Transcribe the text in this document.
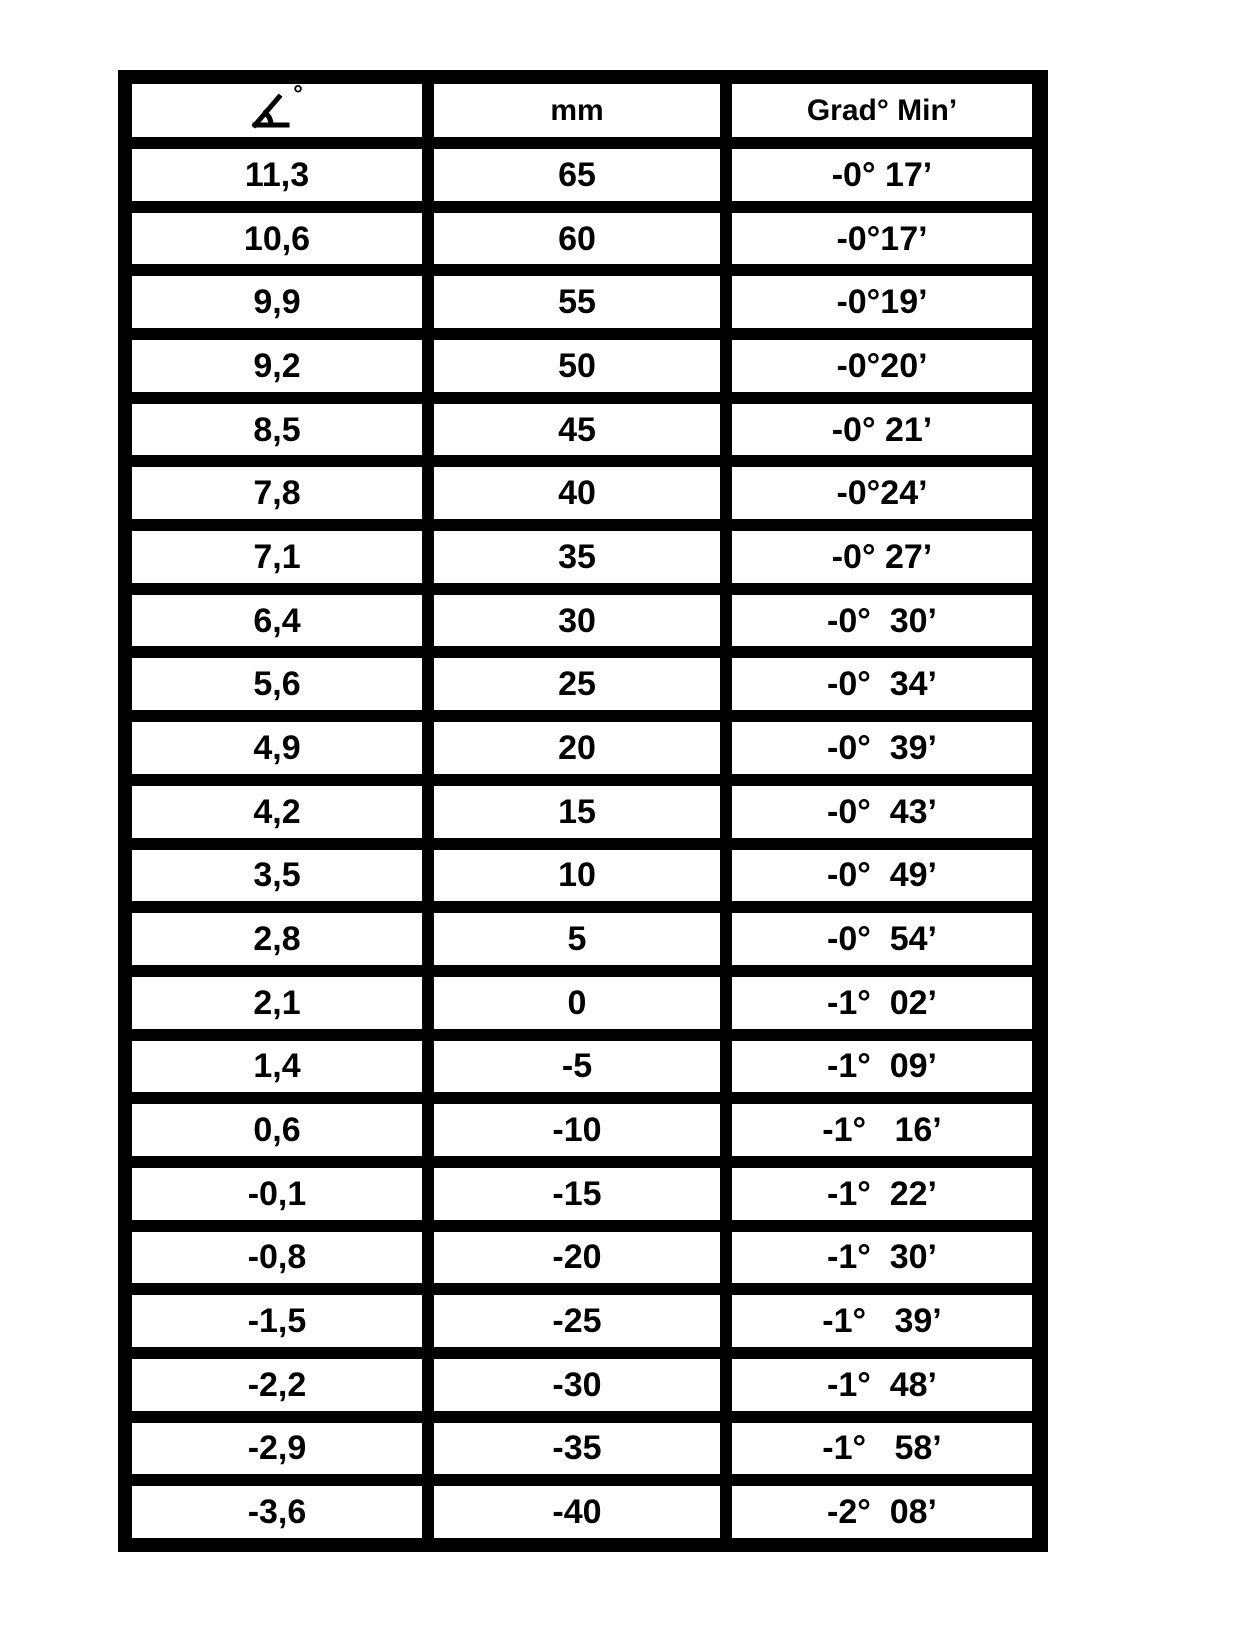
°	mm	Grad° Min’
11,3	65	-0° 17’
10,6	60	-0°17’
9,9	55	-0°19’
9,2	50	-0°20’
8,5	45	-0° 21’
7,8	40	-0°24’
7,1	35	-0° 27’
6,4	30	-0°  30’
5,6	25	-0°  34’
4,9	20	-0°  39’
4,2	15	-0°  43’
3,5	10	-0°  49’
2,8	5	-0°  54’
2,1	0	-1°  02’
1,4	-5	-1°  09’
0,6	-10	-1°   16’
-0,1	-15	-1°  22’
-0,8	-20	-1°  30’
-1,5	-25	-1°   39’
-2,2	-30	-1°  48’
-2,9	-35	-1°   58’
-3,6	-40	-2°  08’
